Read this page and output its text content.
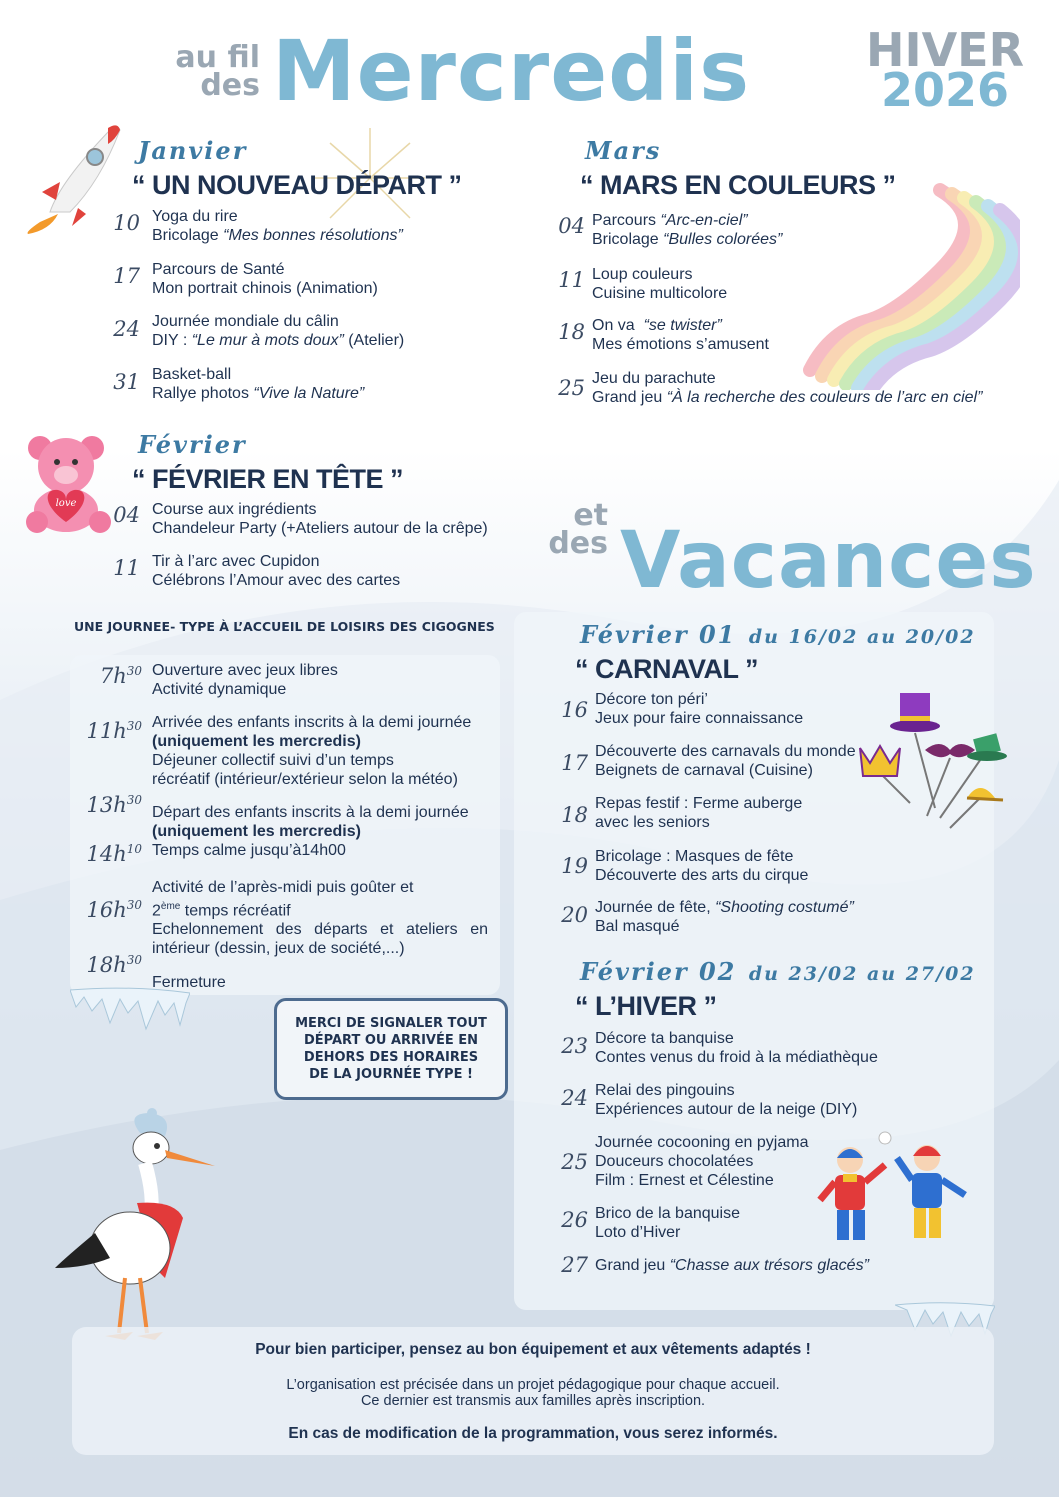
au fil
des Mercredis	HIVER
2026
Janvier
“ UN NOUVEAU DÉPART ”
10 Yoga du rire
Bricolage “Mes bonnes résolutions”
17 Parcours de Santé
Mon portrait chinois (Animation)
24 Journée mondiale du câlin
DIY : “Le mur à mots doux” (Atelier)
31 Basket-ball
Rallye photos “Vive la Nature”
love
Février
“ FÉVRIER EN TÊTE ”
04 Course aux ingrédients
Chandeleur Party (+Ateliers autour de la crêpe)
11 Tir à l’arc avec Cupidon
Célébrons l’Amour avec des cartes
Mars
“ MARS EN COULEURS ”
04 Parcours “Arc-en-ciel”
Bricolage “Bulles colorées”
11 Loup couleurs
Cuisine multicolore
18 On va  “se twister”
Mes émotions s’amusent
25 Jeu du parachute
Grand jeu “À la recherche des couleurs de l’arc en ciel”
UNE JOURNEE- TYPE À L’ACCUEIL DE LOISIRS DES CIGOGNES
$7h^{30}$ Ouverture avec jeux libres
Activité dynamique
$11h^{30}$ Arrivée des enfants inscrits à la demi journée
(uniquement les mercredis)
Déjeuner collectif suivi d’un temps
récréatif (intérieur/extérieur selon la météo)
$13h^{30}$
Départ des enfants inscrits à la demi journée
(uniquement les mercredis)
$14h^{10}$ Temps calme jusqu’à14h00
$16h^{30}$
Activité de l’après-midi puis goûter et
2ème temps récréatif
Echelonnement des départs et ateliers en
intérieur (dessin, jeux de société,...)
$18h^{30}$
Fermeture
MERCI DE SIGNALER TOUT
DÉPART OU ARRIVÉE EN
DEHORS DES HORAIRES
DE LA JOURNÉE TYPE !
et
des Vacances
Février 01 du 16/02 au 20/02
“ CARNAVAL ”
16 Décore ton péri’
Jeux pour faire connaissance
17 Découverte des carnavals du monde
Beignets de carnaval (Cuisine)
18 Repas festif : Ferme auberge
avec les seniors
19 Bricolage : Masques de fête
Découverte des arts du cirque
20 Journée de fête, “Shooting costumé”
Bal masqué
Février 02 du 23/02 au 27/02
“ L’HIVER ”
23 Décore ta banquise
Contes venus du froid à la médiathèque
24 Relai des pingouins
Expériences autour de la neige (DIY)
25
Journée cocooning en pyjama
Douceurs chocolatées
Film : Ernest et Célestine
26 Brico de la banquise
Loto d’Hiver
27 Grand jeu “Chasse aux trésors glacés”
Pour bien participer, pensez au bon équipement et aux vêtements adaptés !
L’organisation est précisée dans un projet pédagogique pour chaque accueil.
Ce dernier est transmis aux familles après inscription.
En cas de modification de la programmation, vous serez informés.
